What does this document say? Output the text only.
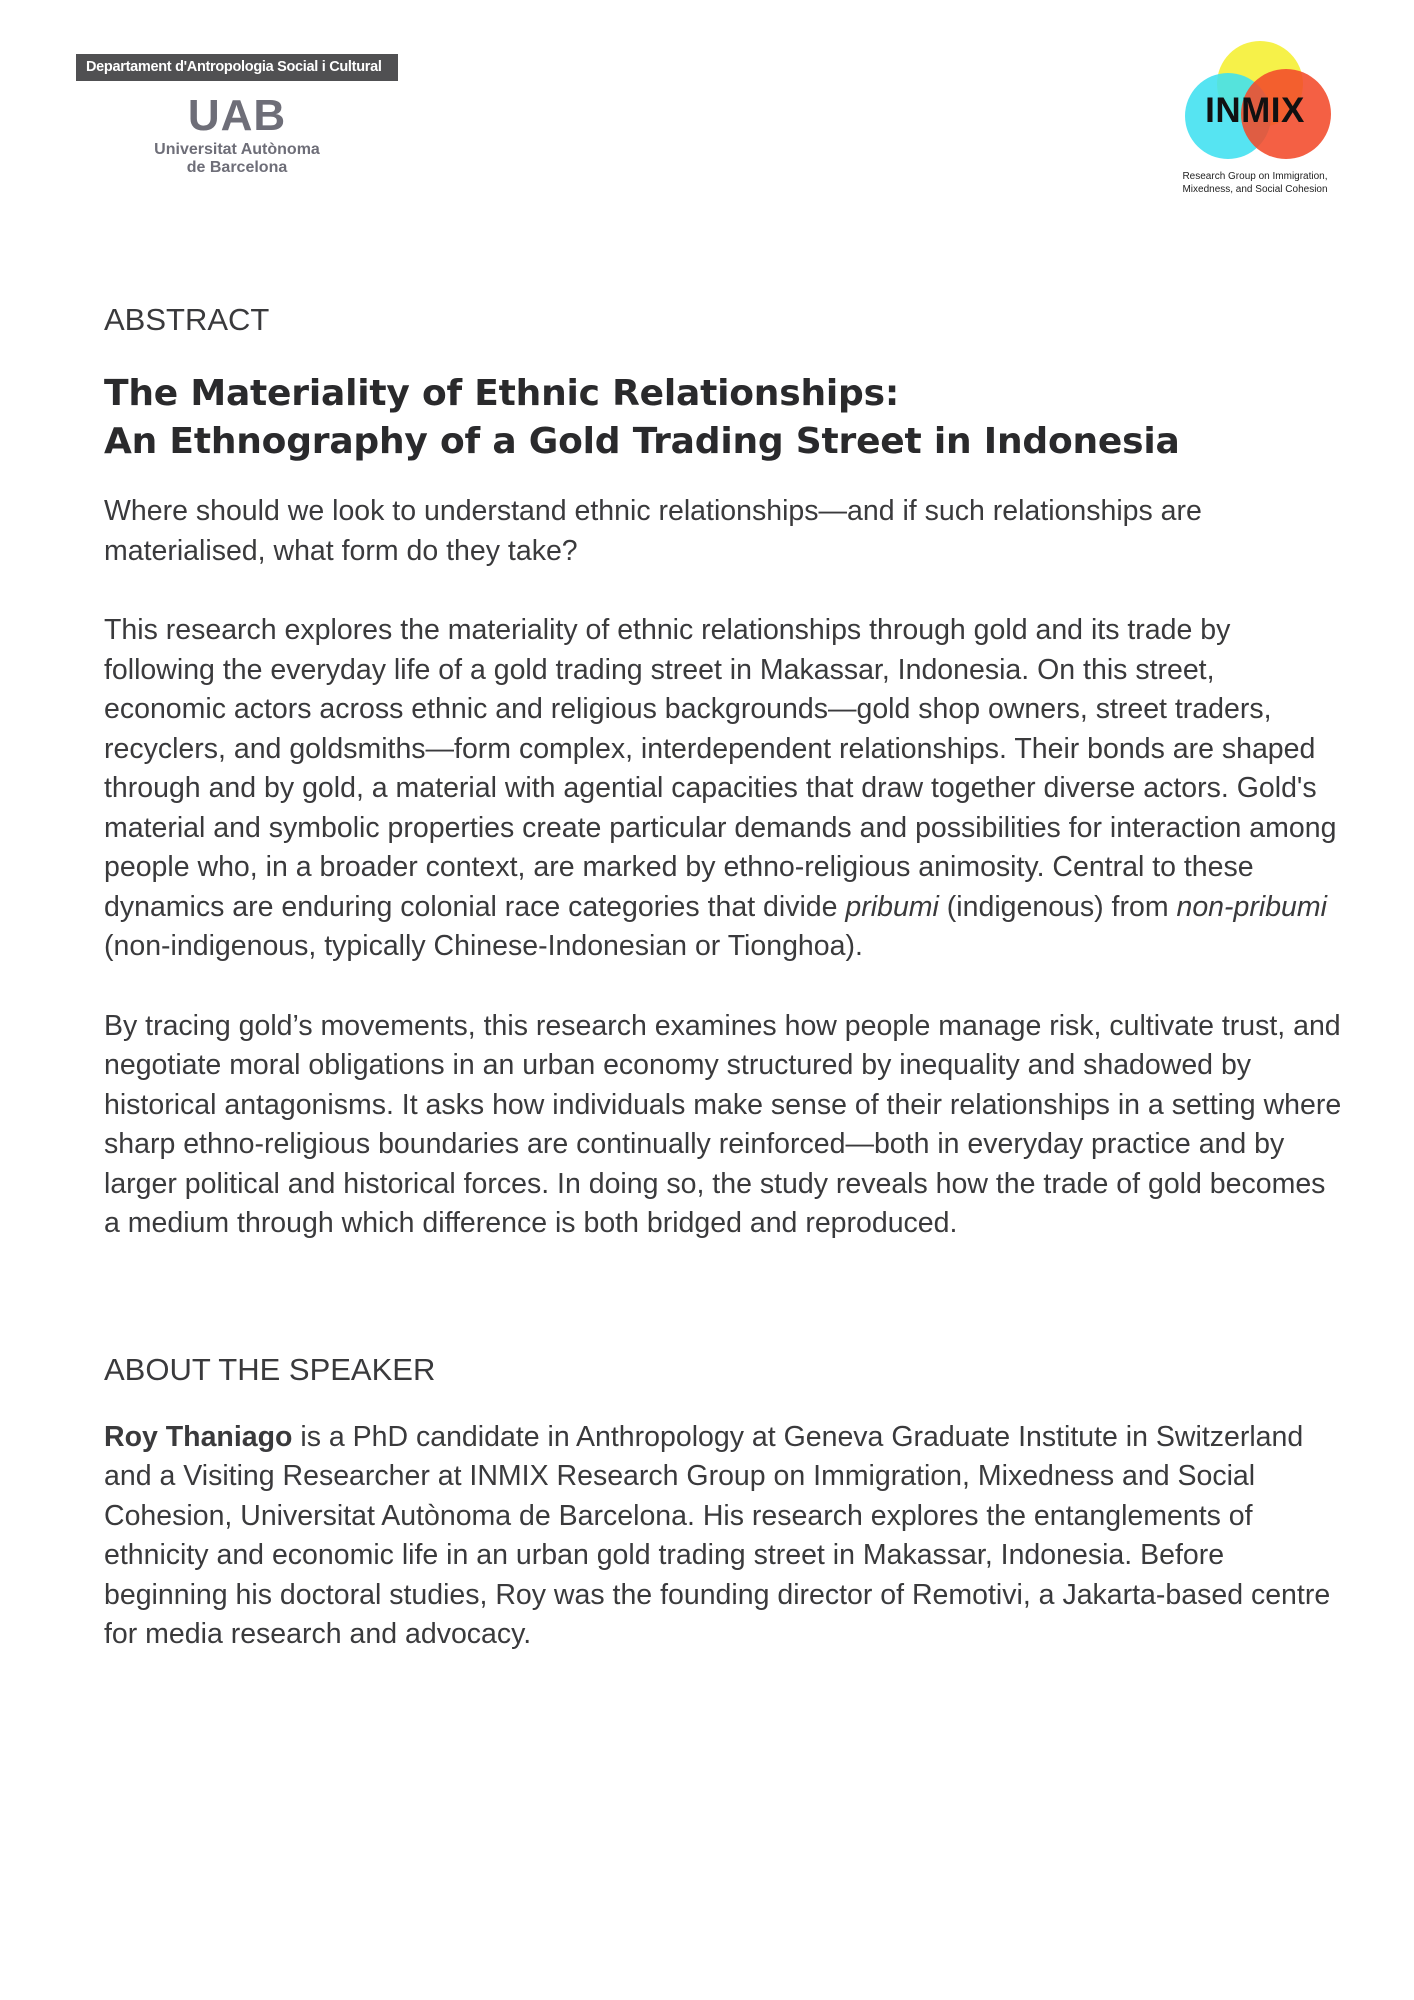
Departament d'Antropologia Social i Cultural
UAB
Universitat Autònoma
de Barcelona
INMIX
Research Group on Immigration,
Mixedness, and Social Cohesion
ABSTRACT
The Materiality of Ethnic Relationships:
An Ethnography of a Gold Trading Street in Indonesia

Where should we look to understand ethnic relationships—and if such relationships are materialised, what form do they take?

This research explores the materiality of ethnic relationships through gold and its trade by following the everyday life of a gold trading street in Makassar, Indonesia. On this street, economic actors across ethnic and religious backgrounds—gold shop owners, street traders, recyclers, and goldsmiths—form complex, interdependent relationships. Their bonds are shaped through and by gold, a material with agential capacities that draw together diverse actors. Gold's material and symbolic properties create particular demands and possibilities for interaction among people who, in a broader context, are marked by ethno-religious animosity. Central to these dynamics are enduring colonial race categories that divide pribumi (indigenous) from non-pribumi (non-indigenous, typically Chinese-Indonesian or Tionghoa).

By tracing gold’s movements, this research examines how people manage risk, cultivate trust, and negotiate moral obligations in an urban economy structured by inequality and shadowed by historical antagonisms. It asks how individuals make sense of their relationships in a setting where sharp ethno-religious boundaries are continually reinforced—both in everyday practice and by larger political and historical forces. In doing so, the study reveals how the trade of gold becomes a medium through which difference is both bridged and reproduced.

ABOUT THE SPEAKER

Roy Thaniago is a PhD candidate in Anthropology at Geneva Graduate Institute in Switzerland and a Visiting Researcher at INMIX Research Group on Immigration, Mixedness and Social Cohesion, Universitat Autònoma de Barcelona. His research explores the entanglements of ethnicity and economic life in an urban gold trading street in Makassar, Indonesia. Before beginning his doctoral studies, Roy was the founding director of Remotivi, a Jakarta-based centre for media research and advocacy.
